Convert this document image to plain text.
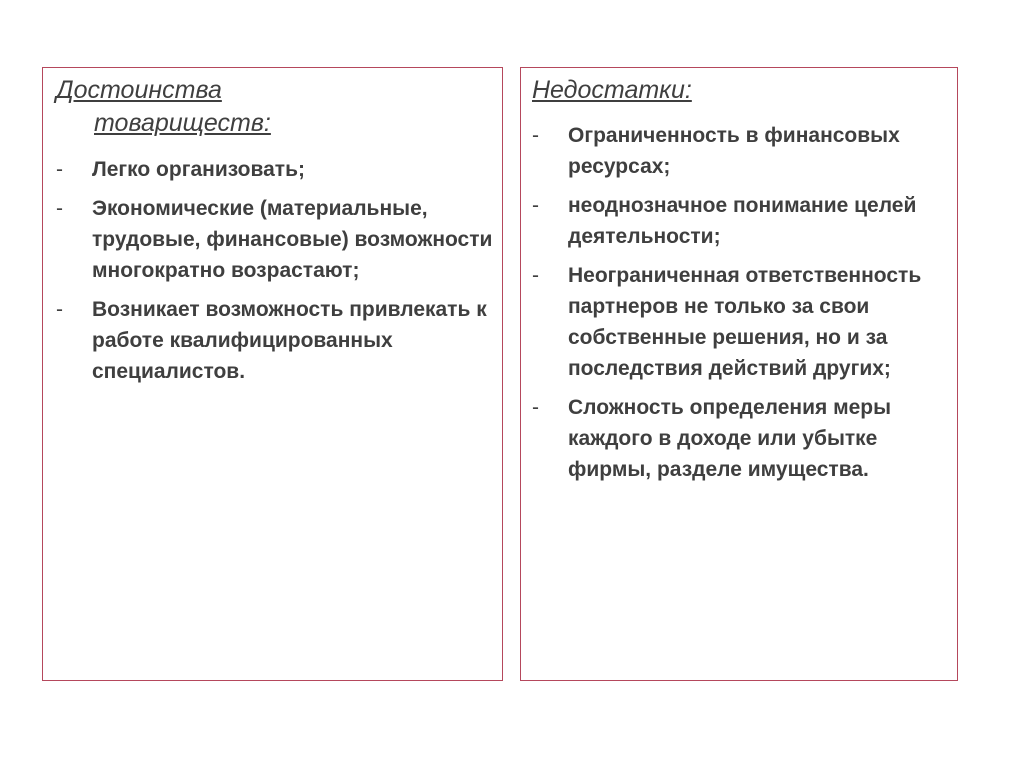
Достоинства
товариществ:
- Легко организовать;
- Экономические (материальные, трудовые, финансовые) возможности многократно возрастают;
- Возникает возможность привлекать к работе квалифицированных специалистов.
Недостатки:
- Ограниченность в финансовых ресурсах;
- неоднозначное понимание целей деятельности;
- Неограниченная ответственность партнеров не только за свои собственные решения, но и за последствия действий других;
- Сложность определения меры каждого в доходе или убытке фирмы, разделе имущества.
